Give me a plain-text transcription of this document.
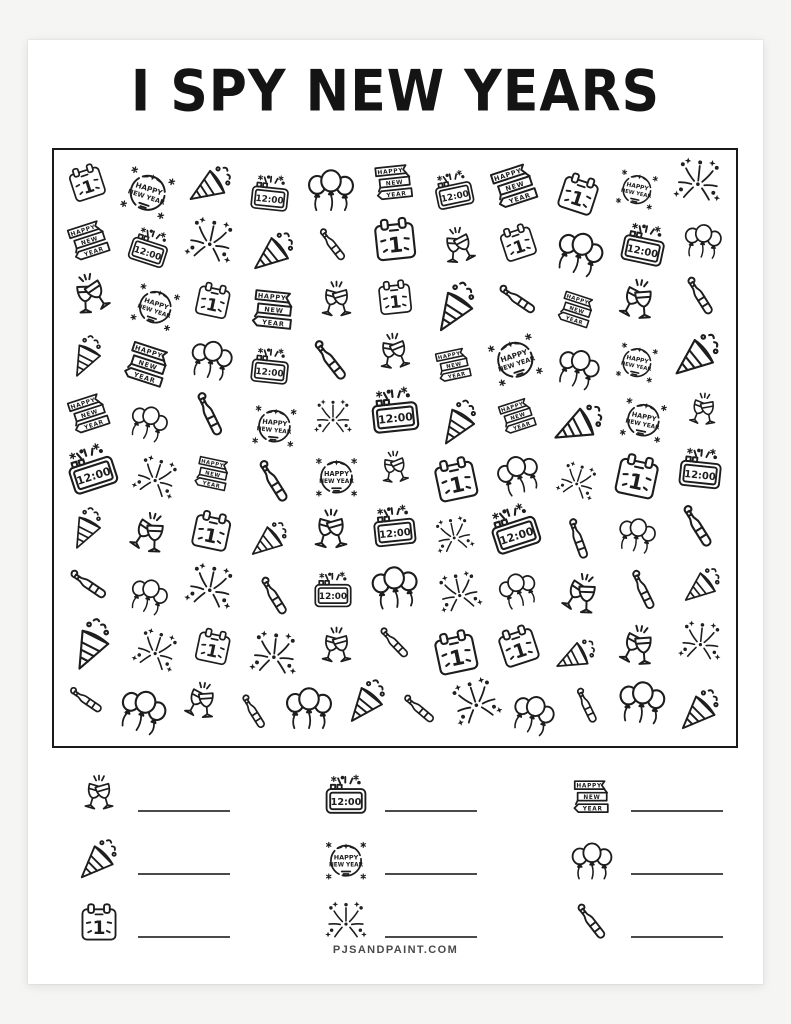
I SPY NEW YEARS
PJSANDPAINT.COM
